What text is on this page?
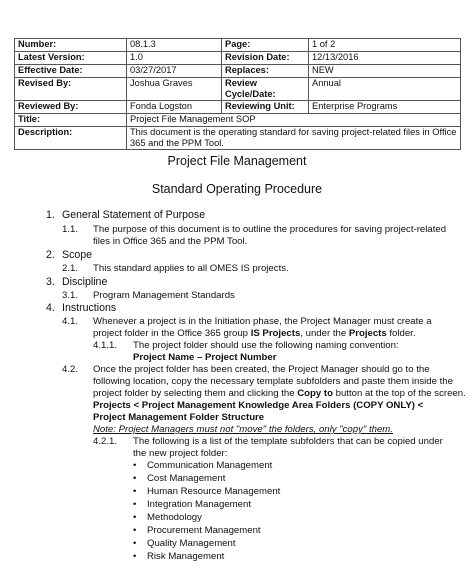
Number:	08.1.3	Page:	1 of 2
Latest Version:	1.0	Revision Date:	12/13/2016
Effective Date:	03/27/2017	Replaces:	NEW
Revised By:	Joshua Graves	Review Cycle/Date:	Annual
Reviewed By:	Fonda Logston	Reviewing Unit:	Enterprise Programs
Title:	Project File Management SOP		
Description:	This document is the operating standard for saving project-related files in Office
365 and the PPM Tool.		
Project File Management
Standard Operating Procedure
1. General Statement of Purpose
1.1. The purpose of this document is to outline the procedures for saving project-related
files in Office 365 and the PPM Tool.
2. Scope
2.1. This standard applies to all OMES IS projects.
3. Discipline
3.1. Program Management Standards
4. Instructions
4.1. Whenever a project is in the Initiation phase, the Project Manager must create a
project folder in the Office 365 group IS Projects, under the Projects folder.
4.1.1. The project folder should use the following naming convention:
Project Name – Project Number
4.2. Once the project folder has been created, the Project Manager should go to the
following location, copy the necessary template subfolders and paste them inside the
project folder by selecting them and clicking the Copy to button at the top of the screen.
Projects < Project Management Knowledge Area Folders (COPY ONLY) <
Project Management Folder Structure
Note: Project Managers must not "move" the folders, only "copy" them.
4.2.1. The following is a list of the template subfolders that can be copied under
the new project folder:
• Communication Management
• Cost Management
• Human Resource Management
• Integration Management
• Methodology
• Procurement Management
• Quality Management
• Risk Management
